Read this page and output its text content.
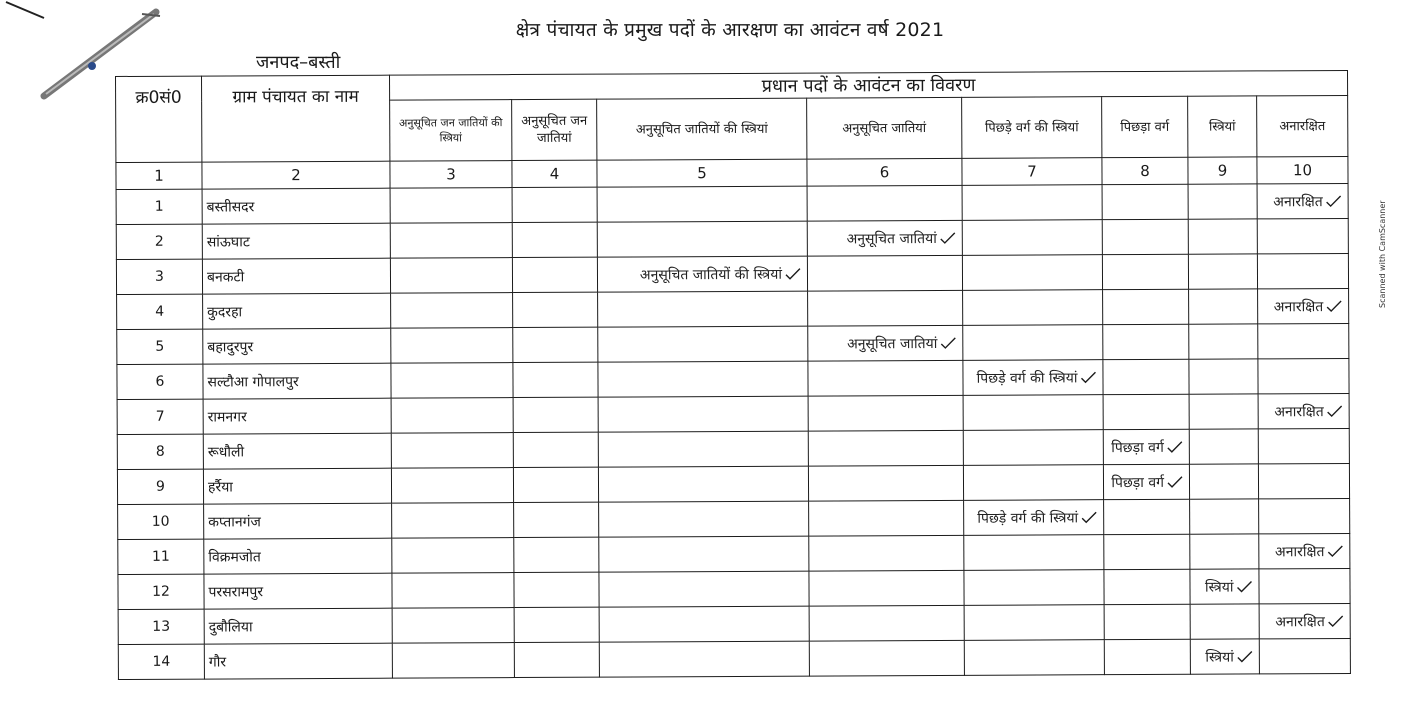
क्षेत्र पंचायत के प्रमुख पदों के आरक्षण का आवंटन वर्ष 2021
जनपद–बस्ती
Scanned with CamScanner
क्र0सं0	ग्राम पंचायत का नाम	प्रधान पदों के आवंटन का विवरण							
		अनुसूचित जन जातियों की स्त्रियां	अनुसूचित जन जातियां	अनुसूचित जातियों की स्त्रियां	अनुसूचित जातियां	पिछड़े वर्ग की स्त्रियां	पिछड़ा वर्ग	स्त्रियां	अनारक्षित
1	2	3	4	5	6	7	8	9	10
1	बस्तीसदर								अनारक्षित

2	सांऊघाट				अनुसूचित जातियां				

3	बनकटी			अनुसूचित जातियों की स्त्रियां					

4	कुदरहा								अनारक्षित

5	बहादुरपुर				अनुसूचित जातियां				

6	सल्टौआ गोपालपुर					पिछड़े वर्ग की स्त्रियां			

7	रामनगर								अनारक्षित

8	रूधौली						पिछड़ा वर्ग		

9	हर्रैया						पिछड़ा वर्ग		

10	कप्तानगंज					पिछड़े वर्ग की स्त्रियां			

11	विक्रमजोत								अनारक्षित

12	परसरामपुर							स्त्रियां	

13	दुबौलिया								अनारक्षित

14	गौर							स्त्रियां	
